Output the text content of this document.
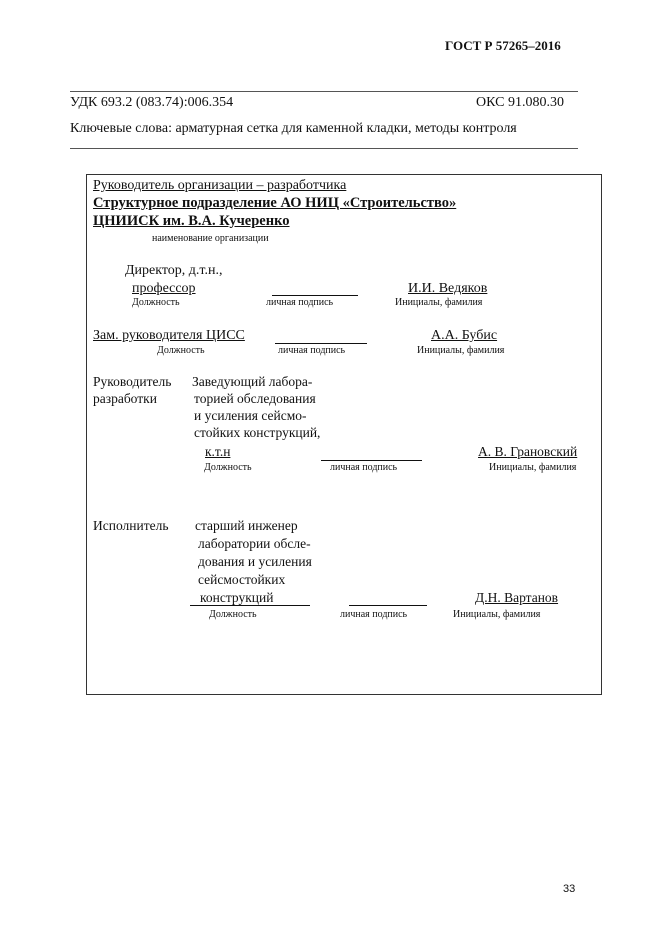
ГОСТ Р 57265–2016
УДК 693.2 (083.74):006.354	ОКС 91.080.30
Ключевые слова: арматурная сетка для каменной кладки, методы контроля
Руководитель организации – разработчика
Структурное подразделение АО НИЦ «Строительство»
ЦНИИСК им. В.А. Кучеренко
наименование организации
Директор, д.т.н.,
профессор	И.И. Ведяков
Должность	личная подпись	Инициалы, фамилия
Зам. руководителя ЦИСС	А.А. Бубис
Должность	личная подпись	Инициалы, фамилия
Руководитель
разработки
Заведующий лабора-
торией обследования
и усиления сейсмо-
стойких конструкций,
к.т.н	А. В. Грановский
Должность	личная подпись	Инициалы, фамилия
Исполнитель старший инженер
лаборатории обсле-
дования и усиления
сейсмостойких
конструкций	Д.Н. Вартанов
Должность	личная подпись	Инициалы, фамилия
33
